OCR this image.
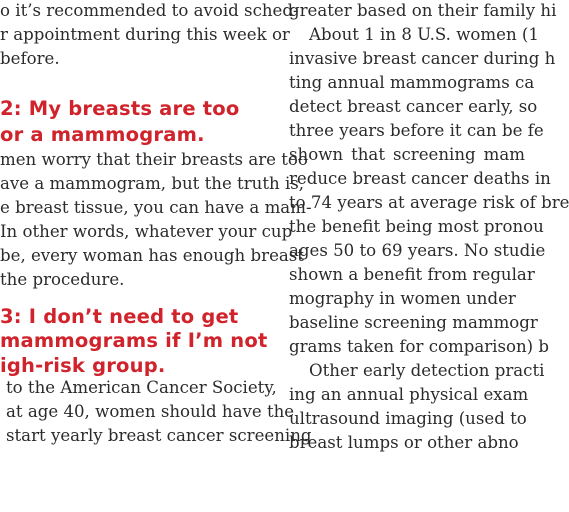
o it’s recommended to avoid sched-
r appointment during this week or
before.
2: My breasts are too
or a mammogram.
men worry that their breasts are too
ave a mammogram, but the truth is,
e breast tissue, you can have a mam-
In other words, whatever your cup
be, every woman has enough breast
the procedure.
3: I don’t need to get
mammograms if I’m not
igh-risk group.
to the American Cancer Society,
at age 40, women should have the
start yearly breast cancer screening
greater based on their family hi
About 1 in 8 U.S. women (1
invasive breast cancer during h
ting annual mammograms ca
detect breast cancer early, so
three years before it can be fe
shown that screening mam
reduce breast cancer deaths in
to 74 years at average risk of bre
the benefit being most pronou
ages 50 to 69 years. No studie
shown a benefit from regular
mography in women under
baseline screening mammogr
grams taken for comparison) b
Other early detection practi
ing an annual physical exam
ultrasound imaging (used to
breast lumps or other abno
